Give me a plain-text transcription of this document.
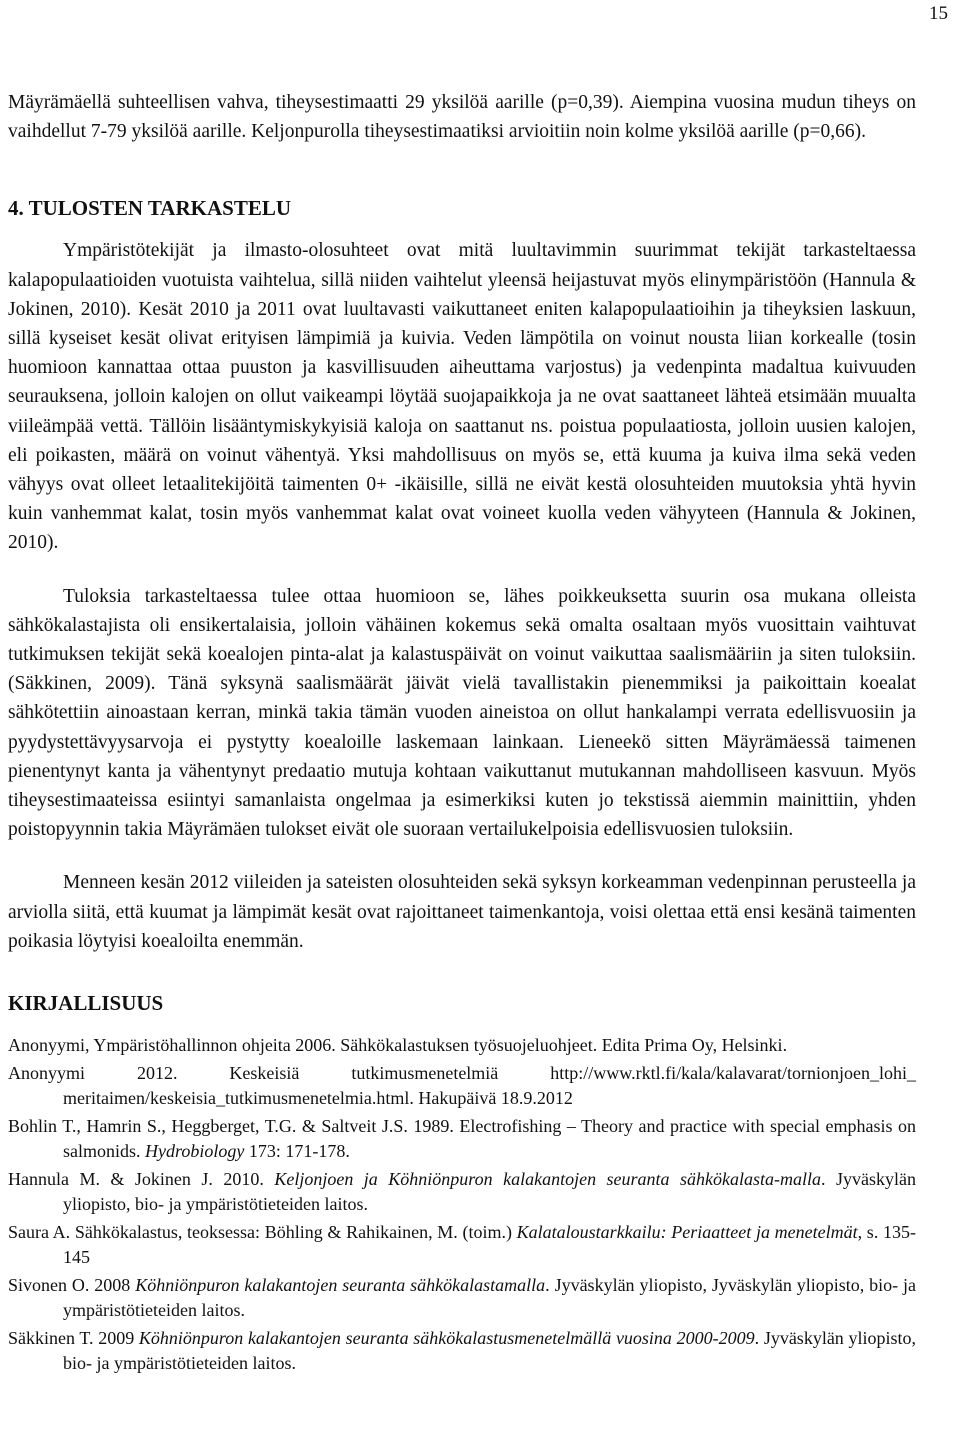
15

Mäyrämäellä suhteellisen vahva, tiheysestimaatti 29 yksilöä aarille (p=0,39). Aiempina vuosina mudun tiheys on vaihdellut 7-79 yksilöä aarille. Keljonpurolla tiheysestimaatiksi arvioitiin noin kolme yksilöä aarille (p=0,66).

4. TULOSTEN TARKASTELU

Ympäristötekijät ja ilmasto-olosuhteet ovat mitä luultavimmin suurimmat tekijät tarkasteltaessa kalapopulaatioiden vuotuista vaihtelua, sillä niiden vaihtelut yleensä heijastuvat myös elinympäristöön (Hannula & Jokinen, 2010). Kesät 2010 ja 2011 ovat luultavasti vaikuttaneet eniten kalapopulaatioihin ja tiheyksien laskuun, sillä kyseiset kesät olivat erityisen lämpimiä ja kuivia. Veden lämpötila on voinut nousta liian korkealle (tosin huomioon kannattaa ottaa puuston ja kasvillisuuden aiheuttama varjostus) ja vedenpinta madaltua kuivuuden seurauksena, jolloin kalojen on ollut vaikeampi löytää suojapaikkoja ja ne ovat saattaneet lähteä etsimään muualta viileämpää vettä. Tällöin lisääntymiskykyisiä kaloja on saattanut ns. poistua populaatiosta, jolloin uusien kalojen, eli poikasten, määrä on voinut vähentyä. Yksi mahdollisuus on myös se, että kuuma ja kuiva ilma sekä veden vähyys ovat olleet letaalitekijöitä taimenten 0+ -ikäisille, sillä ne eivät kestä olosuhteiden muutoksia yhtä hyvin kuin vanhemmat kalat, tosin myös vanhemmat kalat ovat voineet kuolla veden vähyyteen (Hannula & Jokinen, 2010).

Tuloksia tarkasteltaessa tulee ottaa huomioon se, lähes poikkeuksetta suurin osa mukana olleista sähkökalastajista oli ensikertalaisia, jolloin vähäinen kokemus sekä omalta osaltaan myös vuosittain vaihtuvat tutkimuksen tekijät sekä koealojen pinta-alat ja kalastuspäivät on voinut vaikuttaa saalismääriin ja siten tuloksiin. (Säkkinen, 2009). Tänä syksynä saalismäärät jäivät vielä tavallistakin pienemmiksi ja paikoittain koealat sähkötettiin ainoastaan kerran, minkä takia tämän vuoden aineistoa on ollut hankalampi verrata edellisvuosiin ja pyydystettävyysarvoja ei pystytty koealoille laskemaan lainkaan. Lieneekö sitten Mäyrämäessä taimenen pienentynyt kanta ja vähentynyt predaatio mutuja kohtaan vaikuttanut mutukannan mahdolliseen kasvuun. Myös tiheysestimaateissa esiintyi samanlaista ongelmaa ja esimerkiksi kuten jo tekstissä aiemmin mainittiin, yhden poistopyynnin takia Mäyrämäen tulokset eivät ole suoraan vertailukelpoisia edellisvuosien tuloksiin.

Menneen kesän 2012 viileiden ja sateisten olosuhteiden sekä syksyn korkeamman vedenpinnan perusteella ja arviolla siitä, että kuumat ja lämpimät kesät ovat rajoittaneet taimenkantoja, voisi olettaa että ensi kesänä taimenten poikasia löytyisi koealoilta enemmän.

KIRJALLISUUS

Anonyymi, Ympäristöhallinnon ohjeita 2006. Sähkökalastuksen työsuojeluohjeet. Edita Prima Oy, Helsinki.

Anonyymi 2012. Keskeisiä tutkimusmenetelmiä http://www.rktl.fi/kala/kalavarat/tornionjoen_lohi_ meritaimen/keskeisia_tutkimusmenetelmia.html. Hakupäivä 18.9.2012

Bohlin T., Hamrin S., Heggberget, T.G. & Saltveit J.S. 1989. Electrofishing – Theory and practice with special emphasis on salmonids. Hydrobiology 173: 171-178.

Hannula M. & Jokinen J. 2010. Keljonjoen ja Köhniönpuron kalakantojen seuranta sähkökalasta-malla. Jyväskylän yliopisto, bio- ja ympäristötieteiden laitos.

Saura A. Sähkökalastus, teoksessa: Böhling & Rahikainen, M. (toim.) Kalataloustarkkailu: Periaatteet ja menetelmät, s. 135-145

Sivonen O. 2008 Köhniönpuron kalakantojen seuranta sähkökalastamalla. Jyväskylän yliopisto, Jyväskylän yliopisto, bio- ja ympäristötieteiden laitos.

Säkkinen T. 2009 Köhniönpuron kalakantojen seuranta sähkökalastusmenetelmällä vuosina 2000-2009. Jyväskylän yliopisto, bio- ja ympäristötieteiden laitos.
